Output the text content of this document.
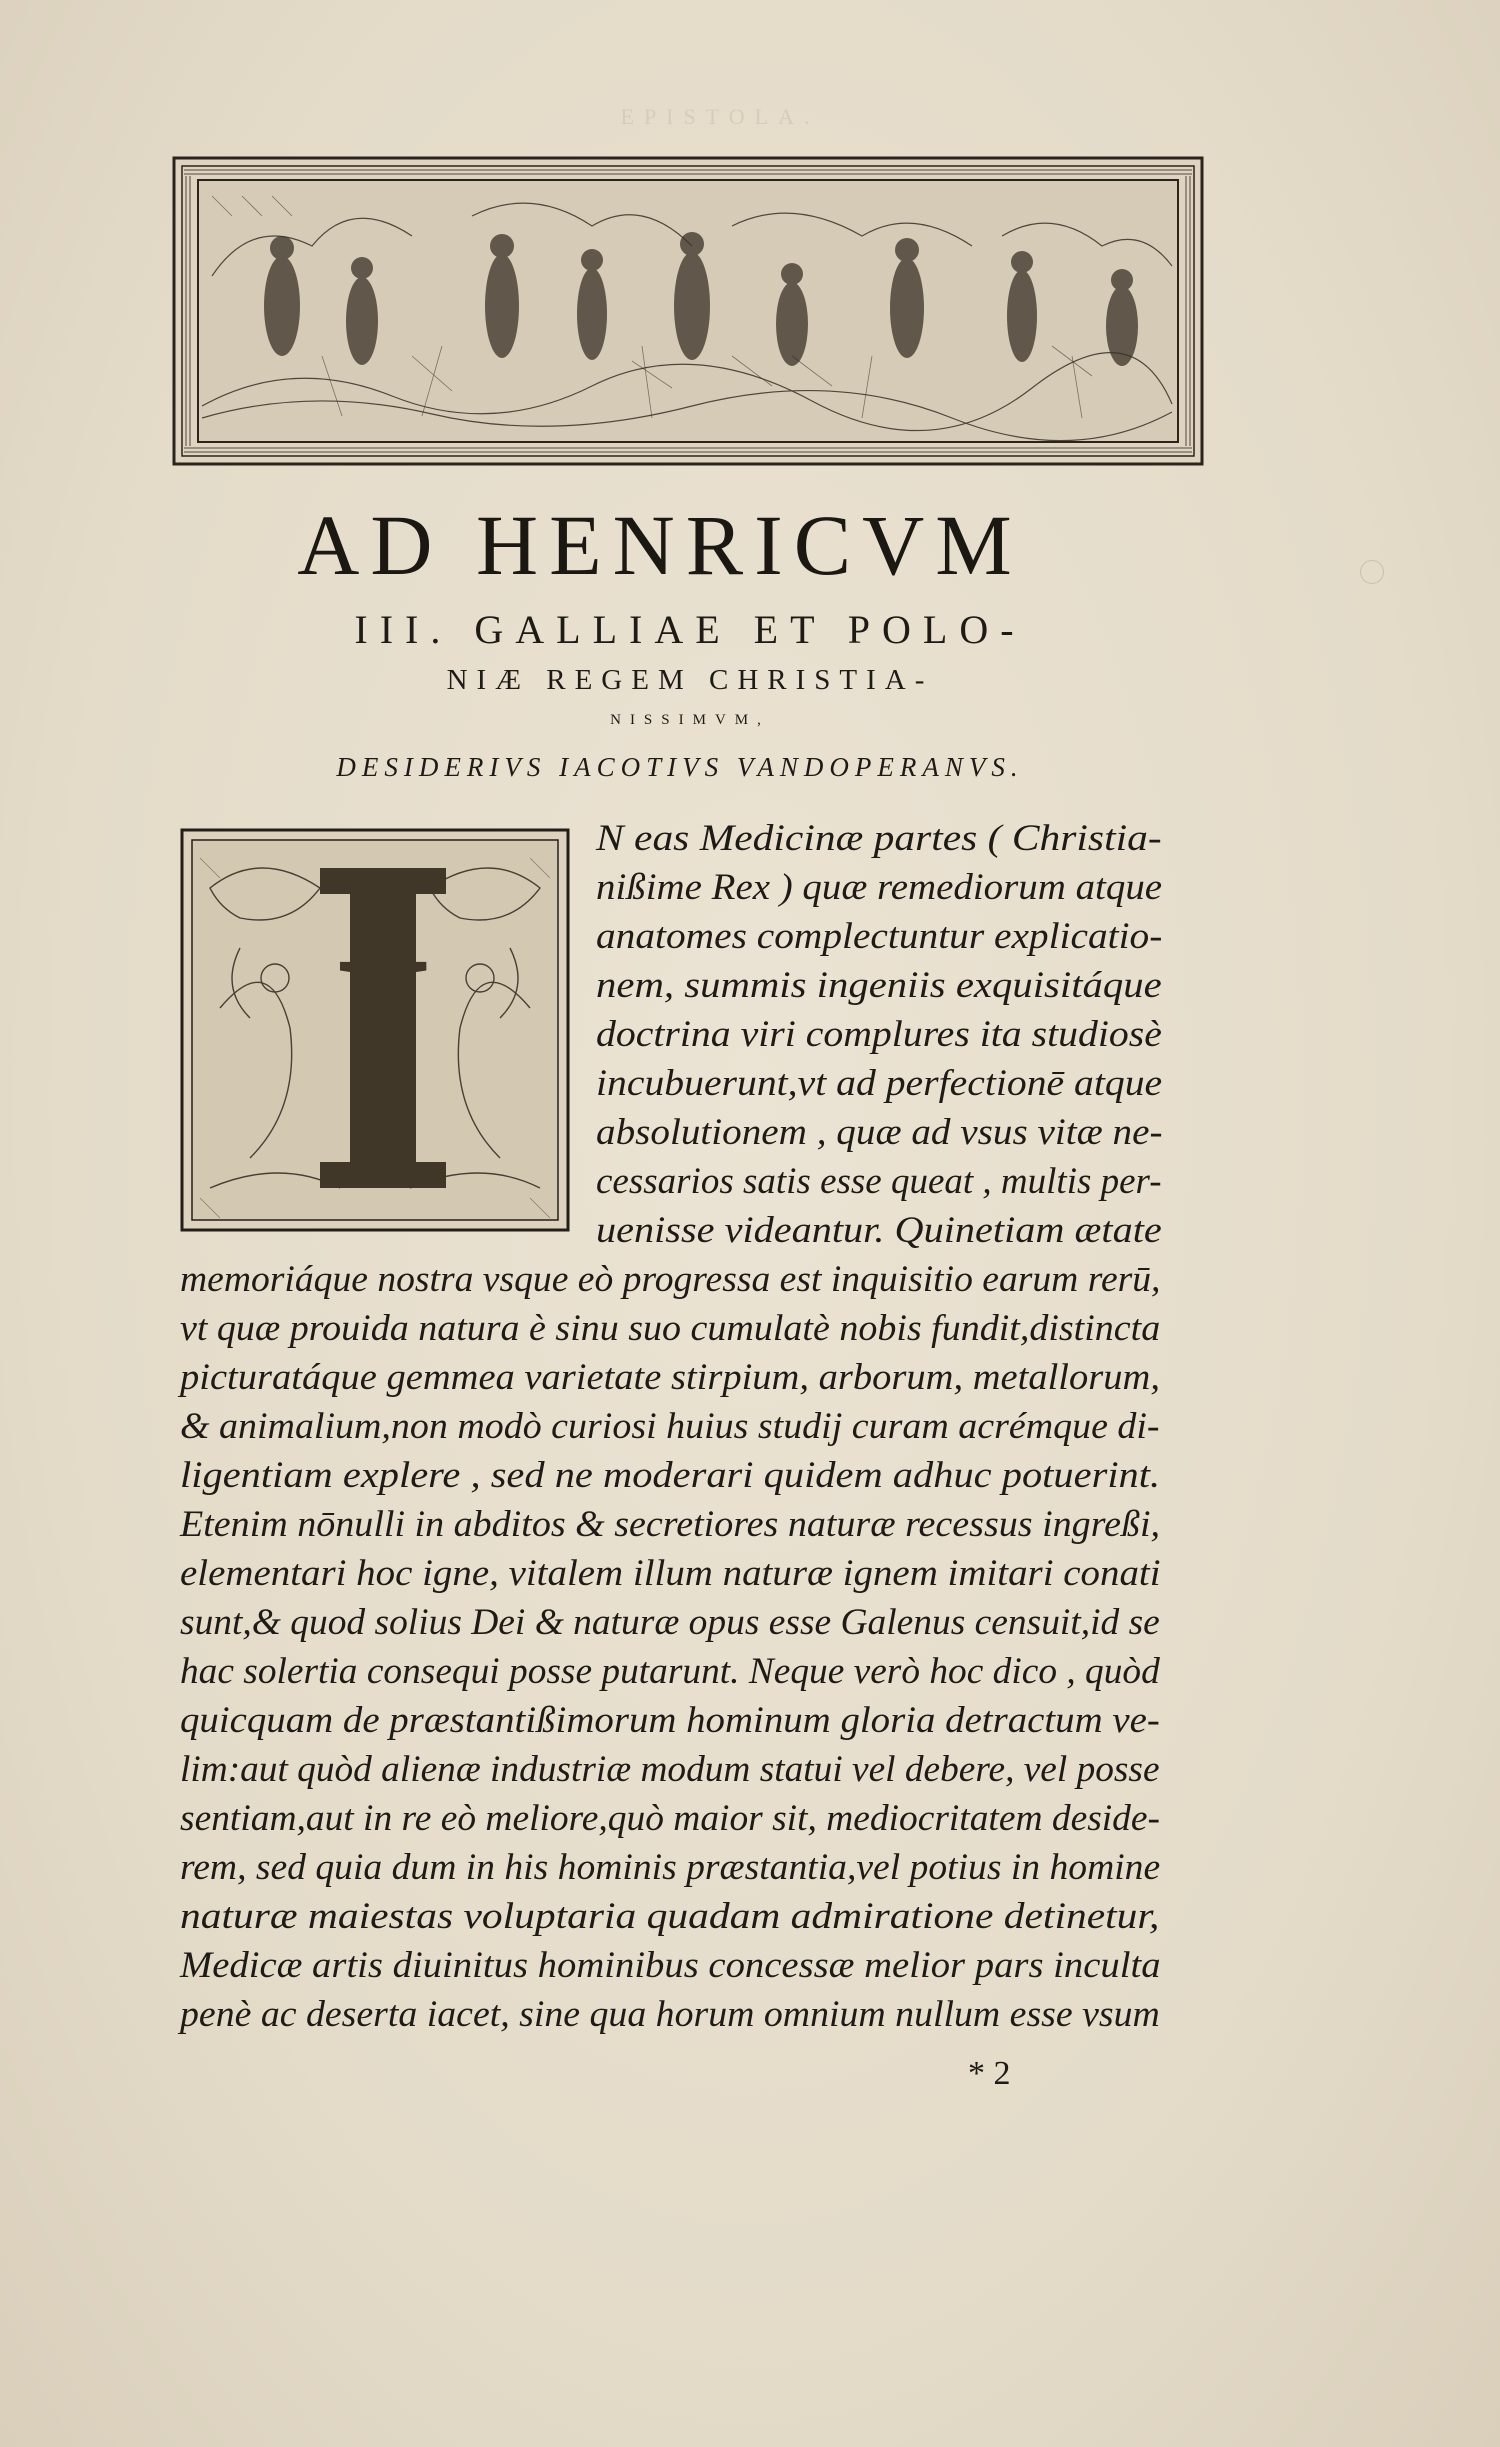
EPISTOLA.
AD HENRICVM
III. GALLIAE ET POLO-
NIÆ REGEM CHRISTIA-
NISSIMVM,
DESIDERIVS IACOTIVS VANDOPERANVS.
I
N eas Medicinæ partes ( Christia-
nißime Rex ) quæ remediorum atque
anatomes complectuntur explicatio-
nem, summis ingeniis exquisitáque
doctrina viri complures ita studiosè
incubuerunt,vt ad perfectionē atque
absolutionem , quæ ad vsus vitæ ne-
cessarios satis esse queat , multis per-
uenisse videantur. Quinetiam ætate
memoriáque nostra vsque eò progressa est inquisitio earum rerū,
vt quæ prouida natura è sinu suo cumulatè nobis fundit,distincta
picturatáque gemmea varietate stirpium, arborum, metallorum,
& animalium,non modò curiosi huius studij curam acrémque di-
ligentiam explere , sed ne moderari quidem adhuc potuerint.
Etenim nōnulli in abditos & secretiores naturæ recessus ingreßi,
elementari hoc igne, vitalem illum naturæ ignem imitari conati
sunt,& quod solius Dei & naturæ opus esse Galenus censuit,id se
hac solertia consequi posse putarunt. Neque verò hoc dico , quòd
quicquam de præstantißimorum hominum gloria detractum ve-
lim:aut quòd alienæ industriæ modum statui vel debere, vel posse
sentiam,aut in re eò meliore,quò maior sit, mediocritatem deside-
rem, sed quia dum in his hominis præstantia,vel potius in homine
naturæ maiestas voluptaria quadam admiratione detinetur,
Medicæ artis diuinitus hominibus concessæ melior pars inculta
penè ac deserta iacet, sine qua horum omnium nullum esse vsum
* 2
